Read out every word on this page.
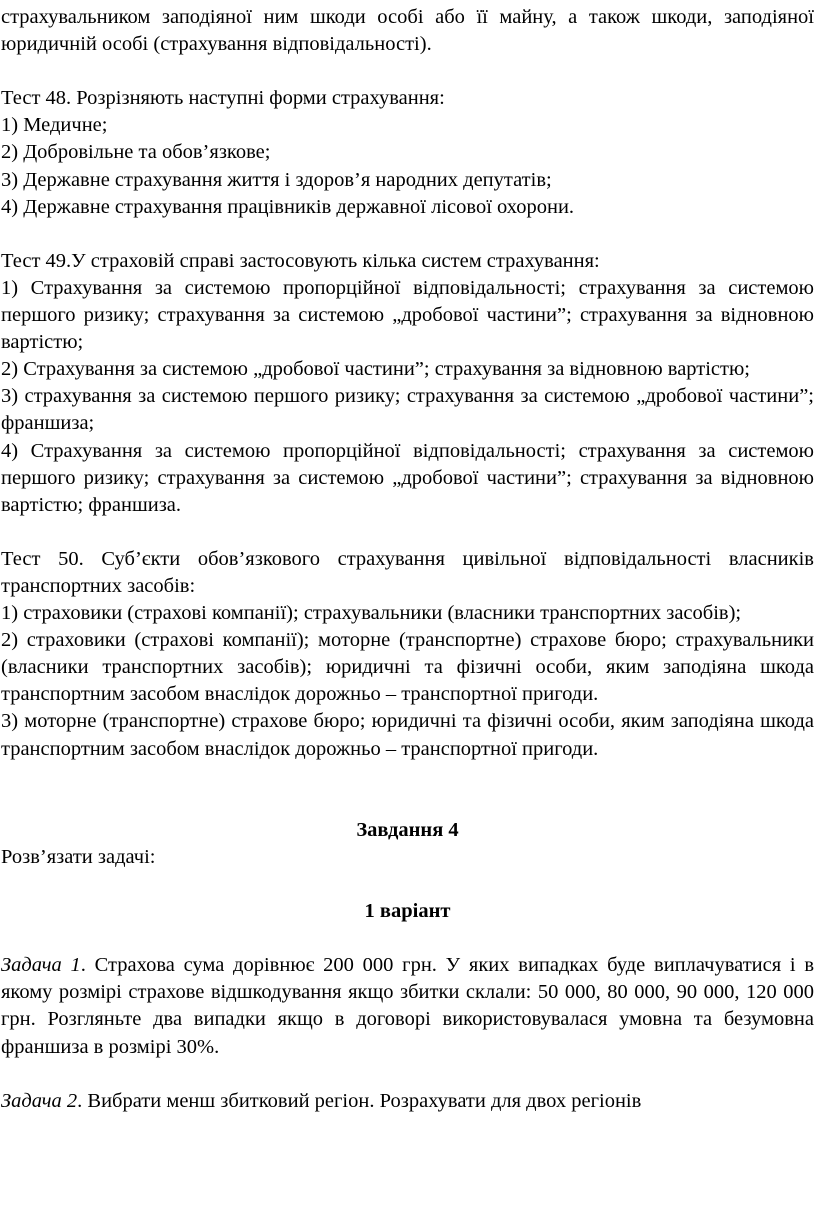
страхувальником заподіяної ним шкоди особі або її майну, а також шкоди, заподіяної юридичній особі (страхування відповідальності).

Тест 48. Розрізняють наступні форми страхування:

1) Медичне;

2) Добровільне та обов’язкове;

3) Державне страхування життя і здоров’я народних депутатів;

4) Державне страхування працівників державної лісової охорони.

Тест 49.У страховій справі застосовують кілька систем страхування:

1) Страхування за системою пропорційної відповідальності; страхування за системою першого ризику; страхування за системою „дробової частини”; страхування за відновною вартістю;

2) Страхування за системою „дробової частини”; страхування за відновною вартістю;

3) страхування за системою першого ризику; страхування за системою „дробової частини”; франшиза;

4) Страхування за системою пропорційної відповідальності; страхування за системою першого ризику; страхування за системою „дробової частини”; страхування за відновною вартістю; франшиза.

Тест 50. Суб’єкти обов’язкового страхування цивільної відповідальності власників транспортних засобів:

1) страховики (страхові компанії); страхувальники (власники транспортних засобів);

2) страховики (страхові компанії); моторне (транспортне) страхове бюро; страхувальники (власники транспортних засобів); юридичні та фізичні особи, яким заподіяна шкода транспортним засобом внаслідок дорожньо – транспортної пригоди.

3) моторне (транспортне) страхове бюро; юридичні та фізичні особи, яким заподіяна шкода транспортним засобом внаслідок дорожньо – транспортної пригоди.

Завдання 4

Розв’язати задачі:

1 варіант

Задача 1. Страхова сума дорівнює 200 000 грн. У яких випадках буде виплачуватися і в якому розмірі страхове відшкодування якщо збитки склали: 50 000, 80 000, 90 000, 120 000 грн. Розгляньте два випадки якщо в договорі використовувалася умовна та безумовна франшиза в розмірі 30%.

Задача 2. Вибрати менш збитковий регіон. Розрахувати для двох регіонів
